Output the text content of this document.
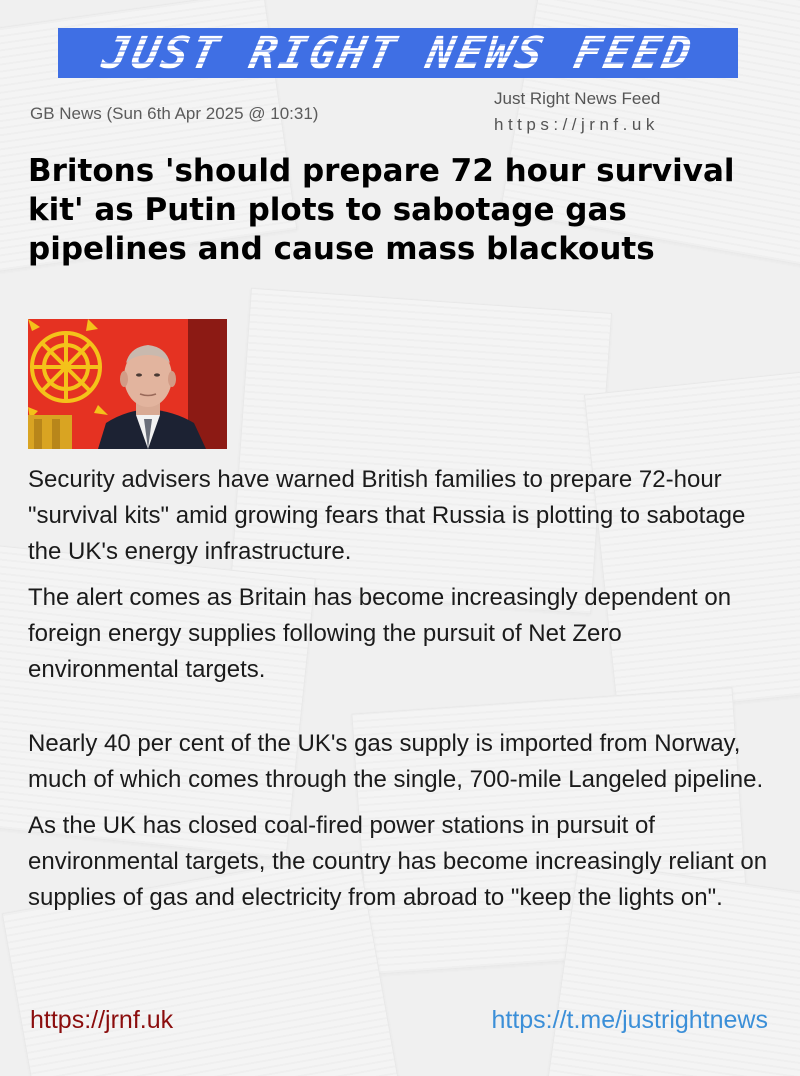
JUST RIGHT NEWS FEED
GB News (Sun 6th Apr 2025 @ 10:31)
Just Right News Feed
https://jrnf.uk
Britons 'should prepare 72 hour survival kit' as Putin plots to sabotage gas pipelines and cause mass blackouts

Security advisers have warned British families to prepare 72-hour "survival kits" amid growing fears that Russia is plotting to sabotage the UK's energy infrastructure.

The alert comes as Britain has become increasingly dependent on foreign energy supplies following the pursuit of Net Zero environmental targets.

Nearly 40 per cent of the UK's gas supply is imported from Norway, much of which comes through the single, 700-mile Langeled pipeline.

As the UK has closed coal-fired power stations in pursuit of environmental targets, the country has become increasingly reliant on supplies of gas and electricity from abroad to "keep the lights on".

https://jrnf.uk	https://t.me/justrightnews
